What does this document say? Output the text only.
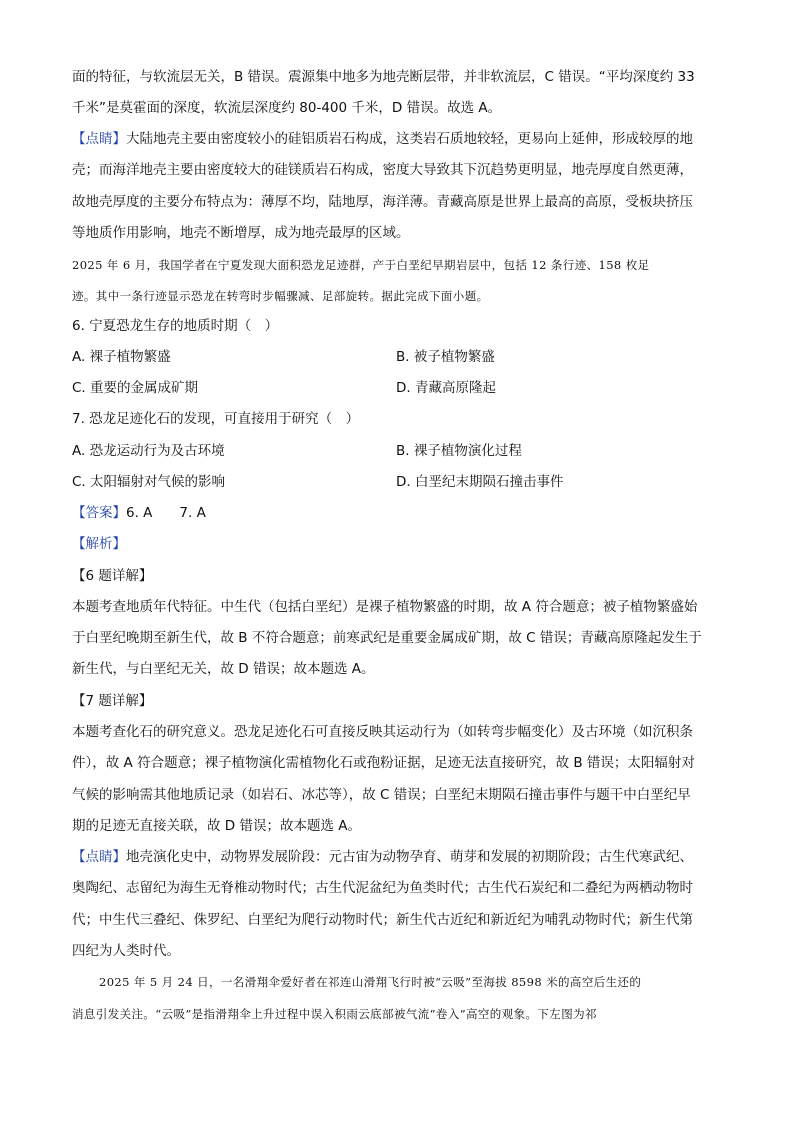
面的特征，与软流层无关，B 错误。震源集中地多为地壳断层带，并非软流层，C 错误。“平均深度约 33
千米”是莫霍面的深度，软流层深度约 80-400 千米，D 错误。故选 A。
【点睛】大陆地壳主要由密度较小的硅铝质岩石构成，这类岩石质地较轻，更易向上延伸，形成较厚的地
壳；而海洋地壳主要由密度较大的硅镁质岩石构成，密度大导致其下沉趋势更明显，地壳厚度自然更薄，
故地壳厚度的主要分布特点为：薄厚不均，陆地厚，海洋薄。青藏高原是世界上最高的高原，受板块挤压
等地质作用影响，地壳不断增厚，成为地壳最厚的区域。
2025 年 6 月，我国学者在宁夏发现大面积恐龙足迹群，产于白垩纪早期岩层中，包括 12 条行迹、158 枚足
迹。其中一条行迹显示恐龙在转弯时步幅骤减、足部旋转。据此完成下面小题。
6. 宁夏恐龙生存的地质时期（　）
A. 裸子植物繁盛	B. 被子植物繁盛
C. 重要的金属成矿期	D. 青藏高原隆起
7. 恐龙足迹化石的发现，可直接用于研究（　）
A. 恐龙运动行为及古环境	B. 裸子植物演化过程
C. 太阳辐射对气候的影响	D. 白垩纪末期陨石撞击事件
【答案】6. A　　7. A
【解析】
【6 题详解】
本题考查地质年代特征。中生代（包括白垩纪）是裸子植物繁盛的时期，故 A 符合题意；被子植物繁盛始
于白垩纪晚期至新生代，故 B 不符合题意；前寒武纪是重要金属成矿期，故 C 错误；青藏高原隆起发生于
新生代，与白垩纪无关，故 D 错误；故本题选 A。
【7 题详解】
本题考查化石的研究意义。恐龙足迹化石可直接反映其运动行为（如转弯步幅变化）及古环境（如沉积条
件），故 A 符合题意；裸子植物演化需植物化石或孢粉证据，足迹无法直接研究，故 B 错误；太阳辐射对
气候的影响需其他地质记录（如岩石、冰芯等），故 C 错误；白垩纪末期陨石撞击事件与题干中白垩纪早
期的足迹无直接关联，故 D 错误；故本题选 A。
【点睛】地壳演化史中，动物界发展阶段：元古宙为动物孕育、萌芽和发展的初期阶段；古生代寒武纪、
奥陶纪、志留纪为海生无脊椎动物时代；古生代泥盆纪为鱼类时代；古生代石炭纪和二叠纪为两栖动物时
代；中生代三叠纪、侏罗纪、白垩纪为爬行动物时代；新生代古近纪和新近纪为哺乳动物时代；新生代第
四纪为人类时代。
2025 年 5 月 24 日，一名滑翔伞爱好者在祁连山滑翔飞行时被“云吸”至海拔 8598 米的高空后生还的
消息引发关注。“云吸”是指滑翔伞上升过程中误入积雨云底部被气流“卷入”高空的观象。下左图为祁
